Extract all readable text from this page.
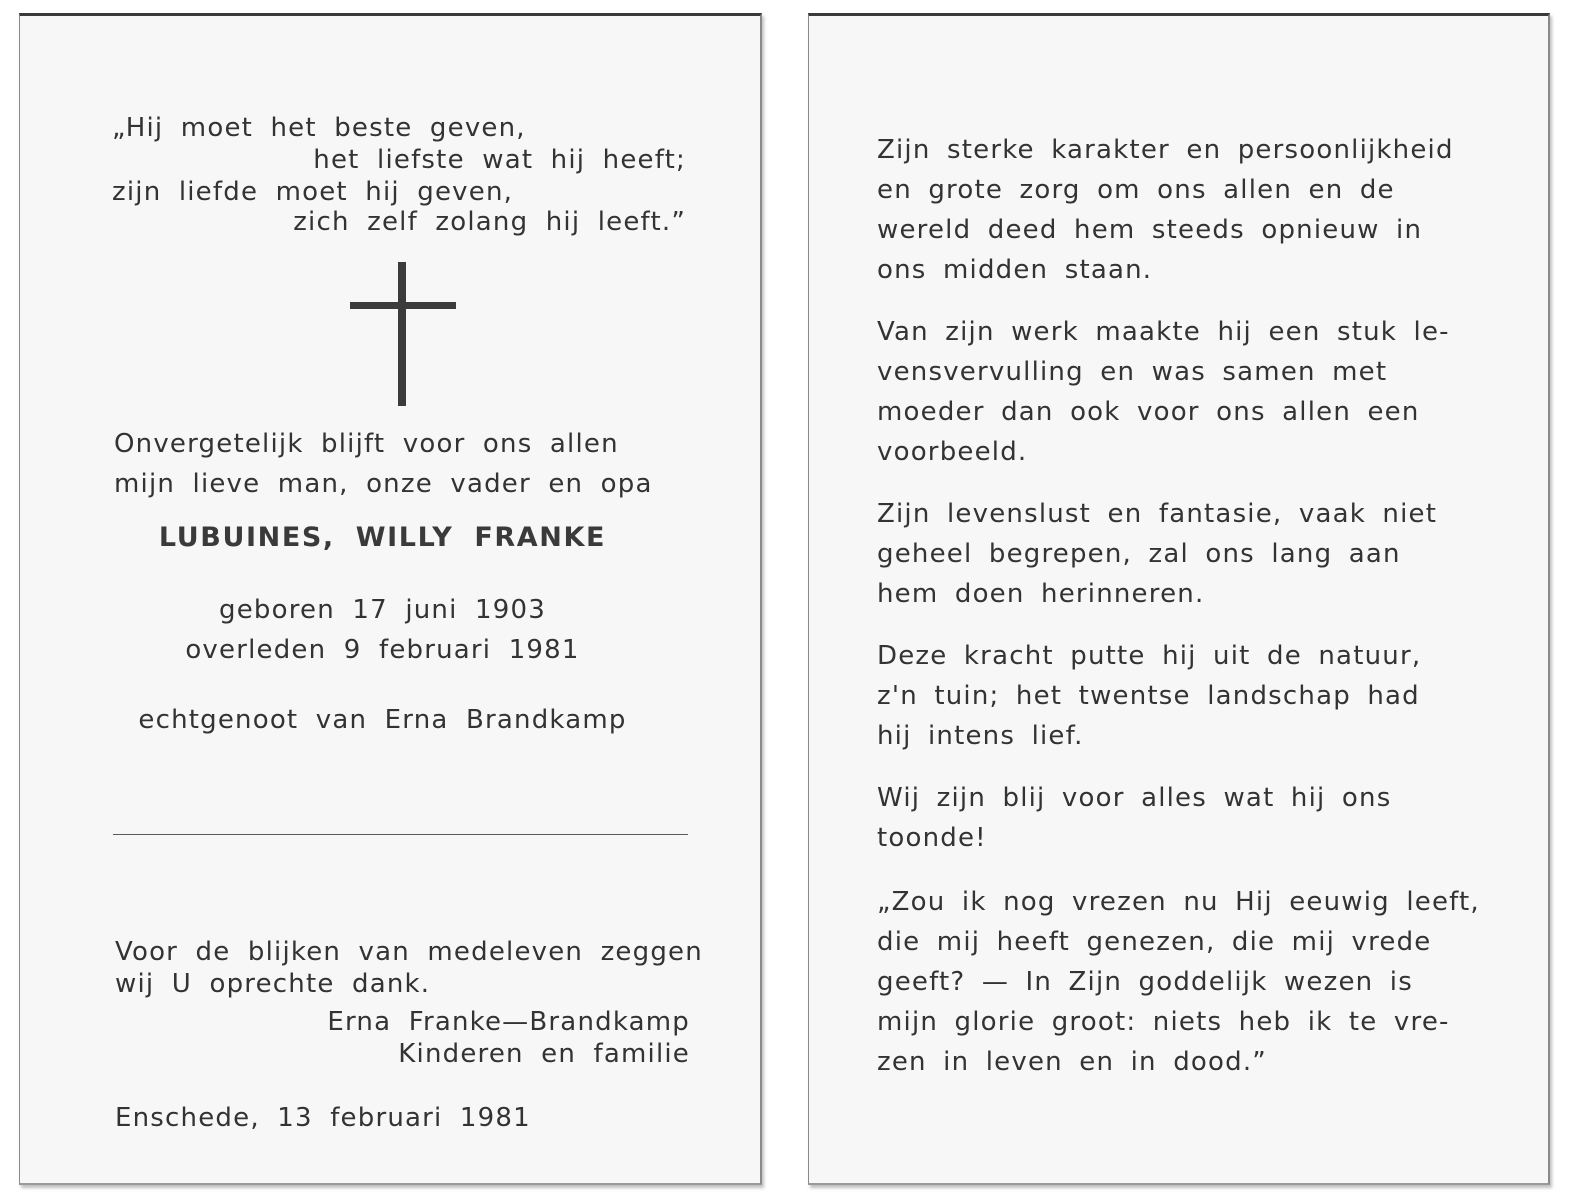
„Hij moet het beste geven,

het liefste wat hij heeft;

zijn liefde moet hij geven,

zich zelf zolang hij leeft.”

Onvergetelijk blijft voor ons allen

mijn lieve man, onze vader en opa

LUBUINES, WILLY FRANKE

geboren 17 juni 1903

overleden 9 februari 1981

echtgenoot van Erna Brandkamp

Voor de blijken van medeleven zeggen

wij U oprechte dank.

Erna Franke—Brandkamp

Kinderen en familie

Enschede, 13 februari 1981

Zijn sterke karakter en persoonlijkheid
en grote zorg om ons allen en de
wereld deed hem steeds opnieuw in
ons midden staan.
Van zijn werk maakte hij een stuk le-
vensvervulling en was samen met
moeder dan ook voor ons allen een
voorbeeld.
Zijn levenslust en fantasie, vaak niet
geheel begrepen, zal ons lang aan
hem doen herinneren.
Deze kracht putte hij uit de natuur,
z'n tuin; het twentse landschap had
hij intens lief.
Wij zijn blij voor alles wat hij ons
toonde!
„Zou ik nog vrezen nu Hij eeuwig leeft,
die mij heeft genezen, die mij vrede
geeft? — In Zijn goddelijk wezen is
mijn glorie groot: niets heb ik te vre-
zen in leven en in dood.”
